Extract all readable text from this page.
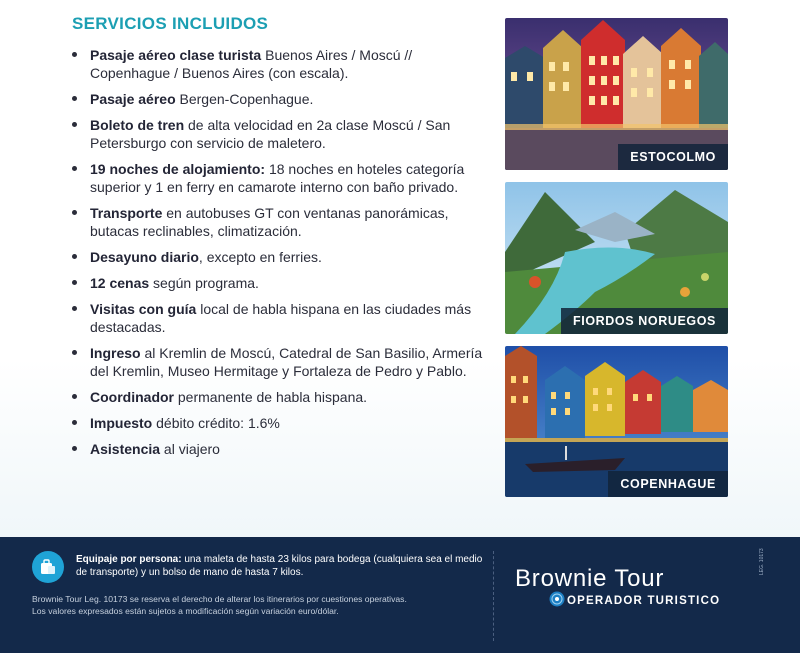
SERVICIOS INCLUIDOS
Pasaje aéreo clase turista Buenos Aires / Moscú // Copenhague / Buenos Aires (con escala).
Pasaje aéreo Bergen-Copenhague.
Boleto de tren de alta velocidad en 2a clase Moscú / San Petersburgo con servicio de maletero.
19 noches de alojamiento: 18 noches en hoteles categoría superior y 1 en ferry en camarote interno con baño privado.
Transporte en autobuses GT con ventanas panorámicas, butacas reclinables, climatización.
Desayuno diario, excepto en ferries.
12 cenas según programa.
Visitas con guía local de habla hispana en las ciudades más destacadas.
Ingreso al Kremlin de Moscú, Catedral de San Basilio, Armería del Kremlin, Museo Hermitage y Fortaleza de Pedro y Pablo.
Coordinador permanente de habla hispana.
Impuesto débito crédito: 1.6%
Asistencia al viajero
ESTOCOLMO
FIORDOS NORUEGOS
COPENHAGUE

Equipaje por persona: una maleta de hasta 23 kilos para bodega (cualquiera sea el medio de transporte) y un bolso de mano de hasta 7 kilos.

Brownie Tour Leg. 10173 se reserva el derecho de alterar los itinerarios por cuestiones operativas.
Los valores expresados están sujetos a modificación según variación euro/dólar.

Brownie Tour
OPERADOR TURISTICO
LEG. 10173
